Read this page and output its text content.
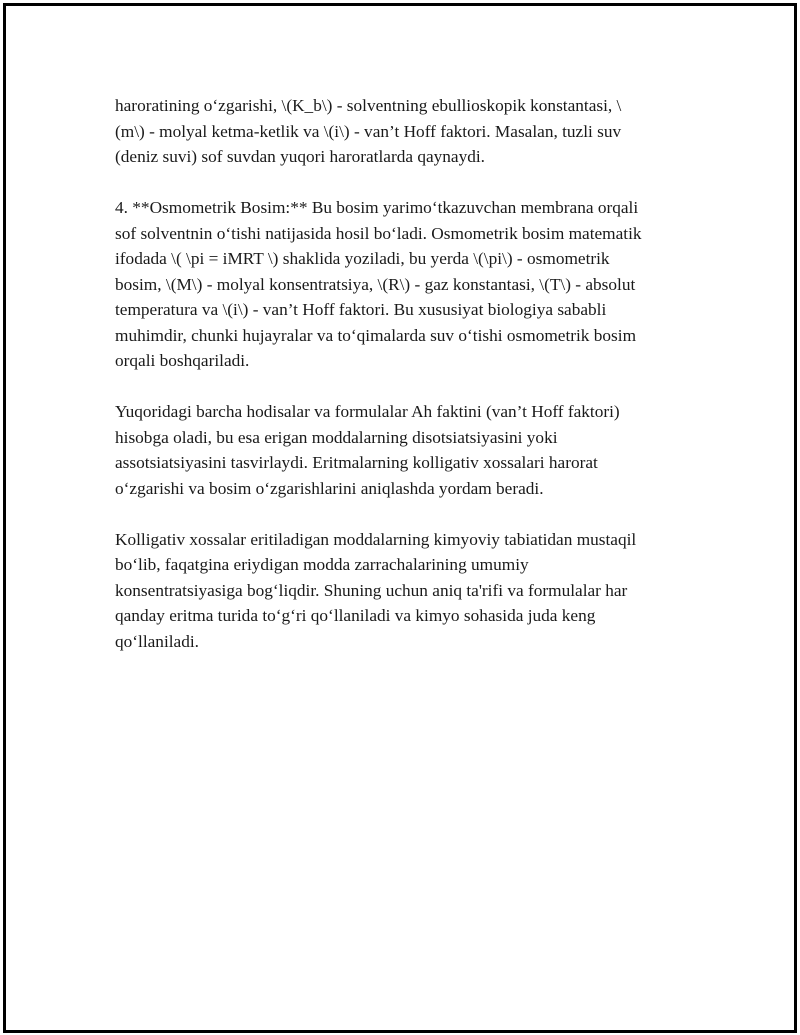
haroratining o‘zgarishi, \(K_b\) - solventning ebullioskopik konstantasi, \
(m\) - molyal ketma-ketlik va \(i\) - van’t Hoff faktori. Masalan, tuzli suv
(deniz suvi) sof suvdan yuqori haroratlarda qaynaydi.

4. **Osmometrik Bosim:** Bu bosim yarimo‘tkazuvchan membrana orqali
sof solventnin o‘tishi natijasida hosil bo‘ladi. Osmometrik bosim matematik
ifodada \( \pi = iMRT \) shaklida yoziladi, bu yerda \(\pi\) - osmometrik
bosim, \(M\) - molyal konsentratsiya, \(R\) - gaz konstantasi, \(T\) - absolut
temperatura va \(i\) - van’t Hoff faktori. Bu xususiyat biologiya sababli
muhimdir, chunki hujayralar va to‘qimalarda suv o‘tishi osmometrik bosim
orqali boshqariladi.

Yuqoridagi barcha hodisalar va formulalar Ah faktini (van’t Hoff faktori)
hisobga oladi, bu esa erigan moddalarning disotsiatsiyasini yoki
assotsiatsiyasini tasvirlaydi. Eritmalarning kolligativ xossalari harorat
o‘zgarishi va bosim o‘zgarishlarini aniqlashda yordam beradi.

Kolligativ xossalar eritiladigan moddalarning kimyoviy tabiatidan mustaqil
bo‘lib, faqatgina eriydigan modda zarrachalarining umumiy
konsentratsiyasiga bog‘liqdir. Shuning uchun aniq ta'rifi va formulalar har
qanday eritma turida to‘g‘ri qo‘llaniladi va kimyo sohasida juda keng
qo‘llaniladi.
